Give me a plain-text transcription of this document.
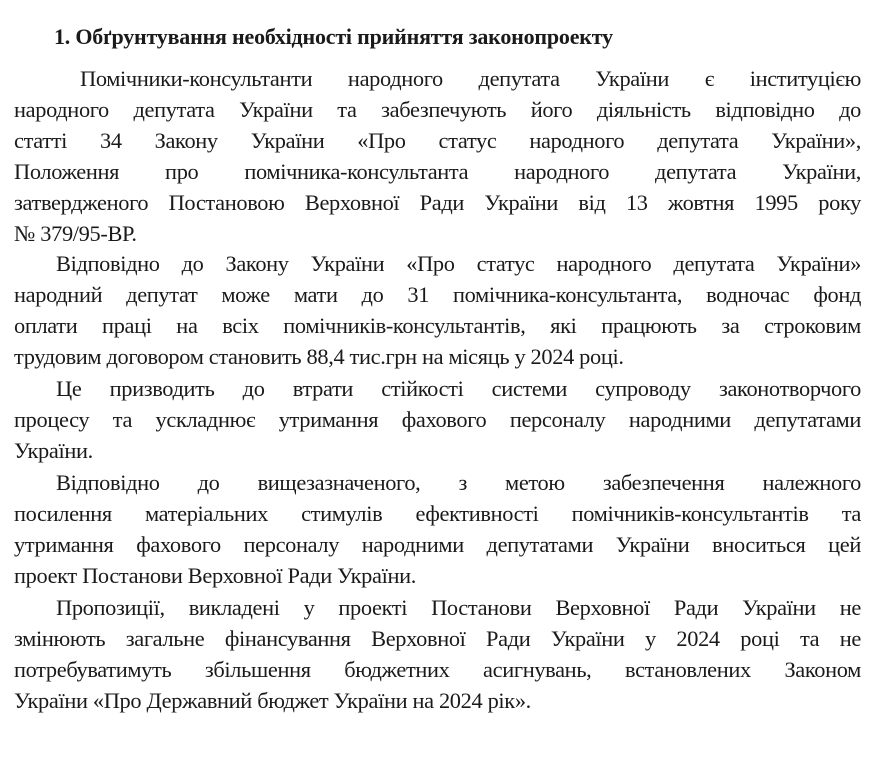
1. Обґрунтування необхідності прийняття законопроекту
Помічники-консультанти народного депутата України є інституцією
народного депутата України та забезпечують його діяльність відповідно до
статті 34 Закону України «Про статус народного депутата України»,
Положення про помічника-консультанта народного депутата України,
затвердженого Постановою Верховної Ради України від 13 жовтня 1995 року
№ 379/95-ВР.
Відповідно до Закону України «Про статус народного депутата України»
народний депутат може мати до 31 помічника-консультанта, водночас фонд
оплати праці на всіх помічників-консультантів, які працюють за строковим
трудовим договором становить 88,4 тис.грн на місяць у 2024 році.
Це призводить до втрати стійкості системи супроводу законотворчого
процесу та ускладнює утримання фахового персоналу народними депутатами
України.
Відповідно до вищезазначеного, з метою забезпечення належного
посилення матеріальних стимулів ефективності помічників-консультантів та
утримання фахового персоналу народними депутатами України вноситься цей
проект Постанови Верховної Ради України.
Пропозиції, викладені у проекті Постанови Верховної Ради України не
змінюють загальне фінансування Верховної Ради України у 2024 році та не
потребуватимуть збільшення бюджетних асигнувань, встановлених Законом
України «Про Державний бюджет України на 2024 рік».
